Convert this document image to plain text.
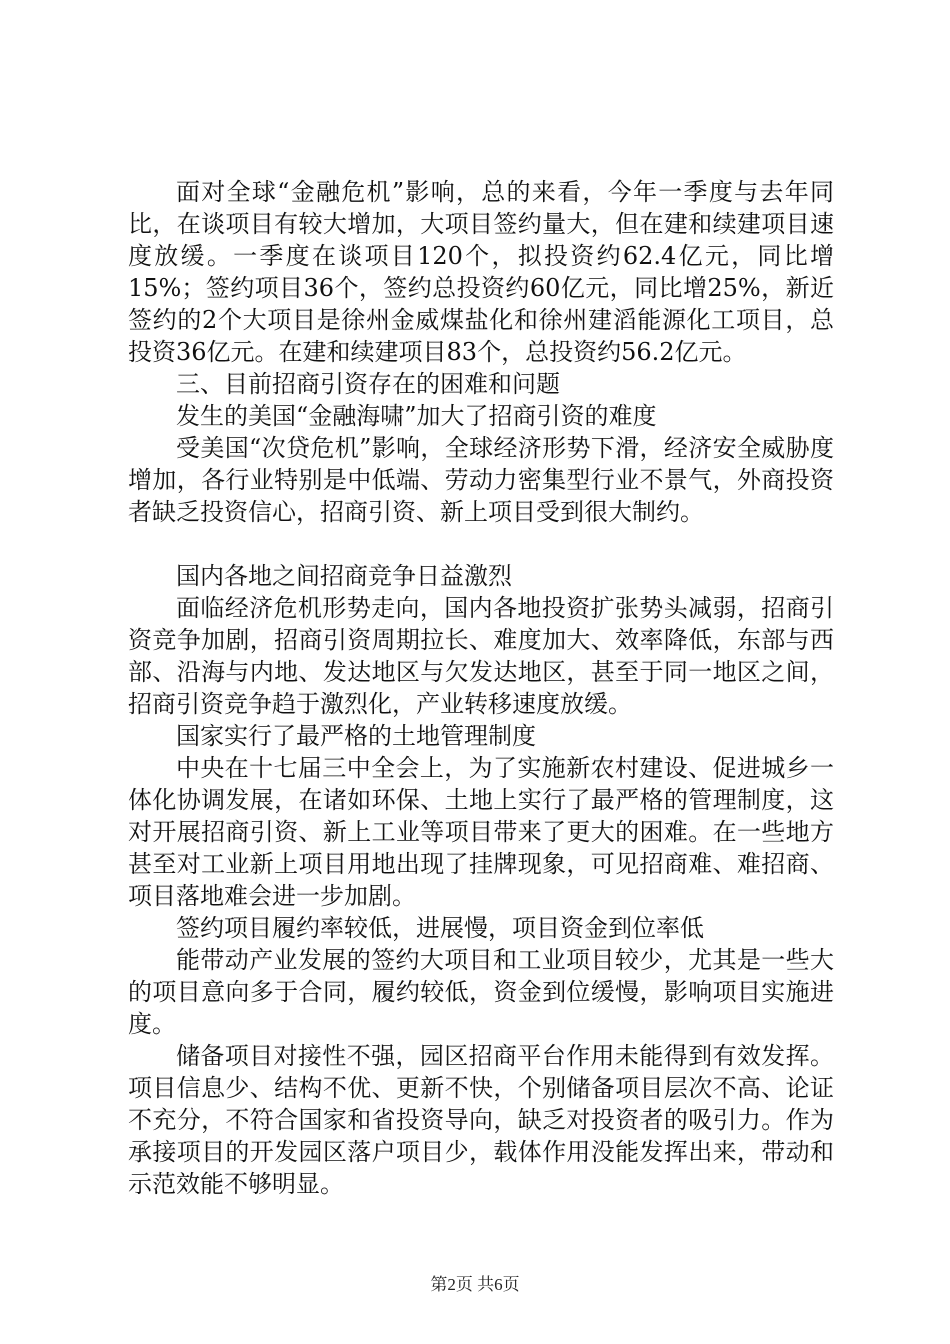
面对全球“金融危机”影响，总的来看，今年一季度与去年同比，在谈项目有较大增加，大项目签约量大，但在建和续建项目速度放缓。一季度在谈项目120个，拟投资约62.4亿元，同比增15%；签约项目36个，签约总投资约60亿元，同比增25%，新近签约的2个大项目是徐州金威煤盐化和徐州建滔能源化工项目，总投资36亿元。在建和续建项目83个，总投资约56.2亿元。

三、目前招商引资存在的困难和问题

发生的美国“金融海啸”加大了招商引资的难度

受美国“次贷危机”影响，全球经济形势下滑，经济安全威胁度增加，各行业特别是中低端、劳动力密集型行业不景气，外商投资者缺乏投资信心，招商引资、新上项目受到很大制约。

国内各地之间招商竞争日益激烈

面临经济危机形势走向，国内各地投资扩张势头减弱，招商引资竞争加剧，招商引资周期拉长、难度加大、效率降低，东部与西部、沿海与内地、发达地区与欠发达地区，甚至于同一地区之间，招商引资竞争趋于激烈化，产业转移速度放缓。

国家实行了最严格的土地管理制度

中央在十七届三中全会上，为了实施新农村建设、促进城乡一体化协调发展，在诸如环保、土地上实行了最严格的管理制度，这对开展招商引资、新上工业等项目带来了更大的困难。在一些地方甚至对工业新上项目用地出现了挂牌现象，可见招商难、难招商、项目落地难会进一步加剧。

签约项目履约率较低，进展慢，项目资金到位率低

能带动产业发展的签约大项目和工业项目较少，尤其是一些大的项目意向多于合同，履约较低，资金到位缓慢，影响项目实施进度。

储备项目对接性不强，园区招商平台作用未能得到有效发挥。项目信息少、结构不优、更新不快，个别储备项目层次不高、论证不充分，不符合国家和省投资导向，缺乏对投资者的吸引力。作为承接项目的开发园区落户项目少，载体作用没能发挥出来，带动和示范效能不够明显。

第2页 共6页
